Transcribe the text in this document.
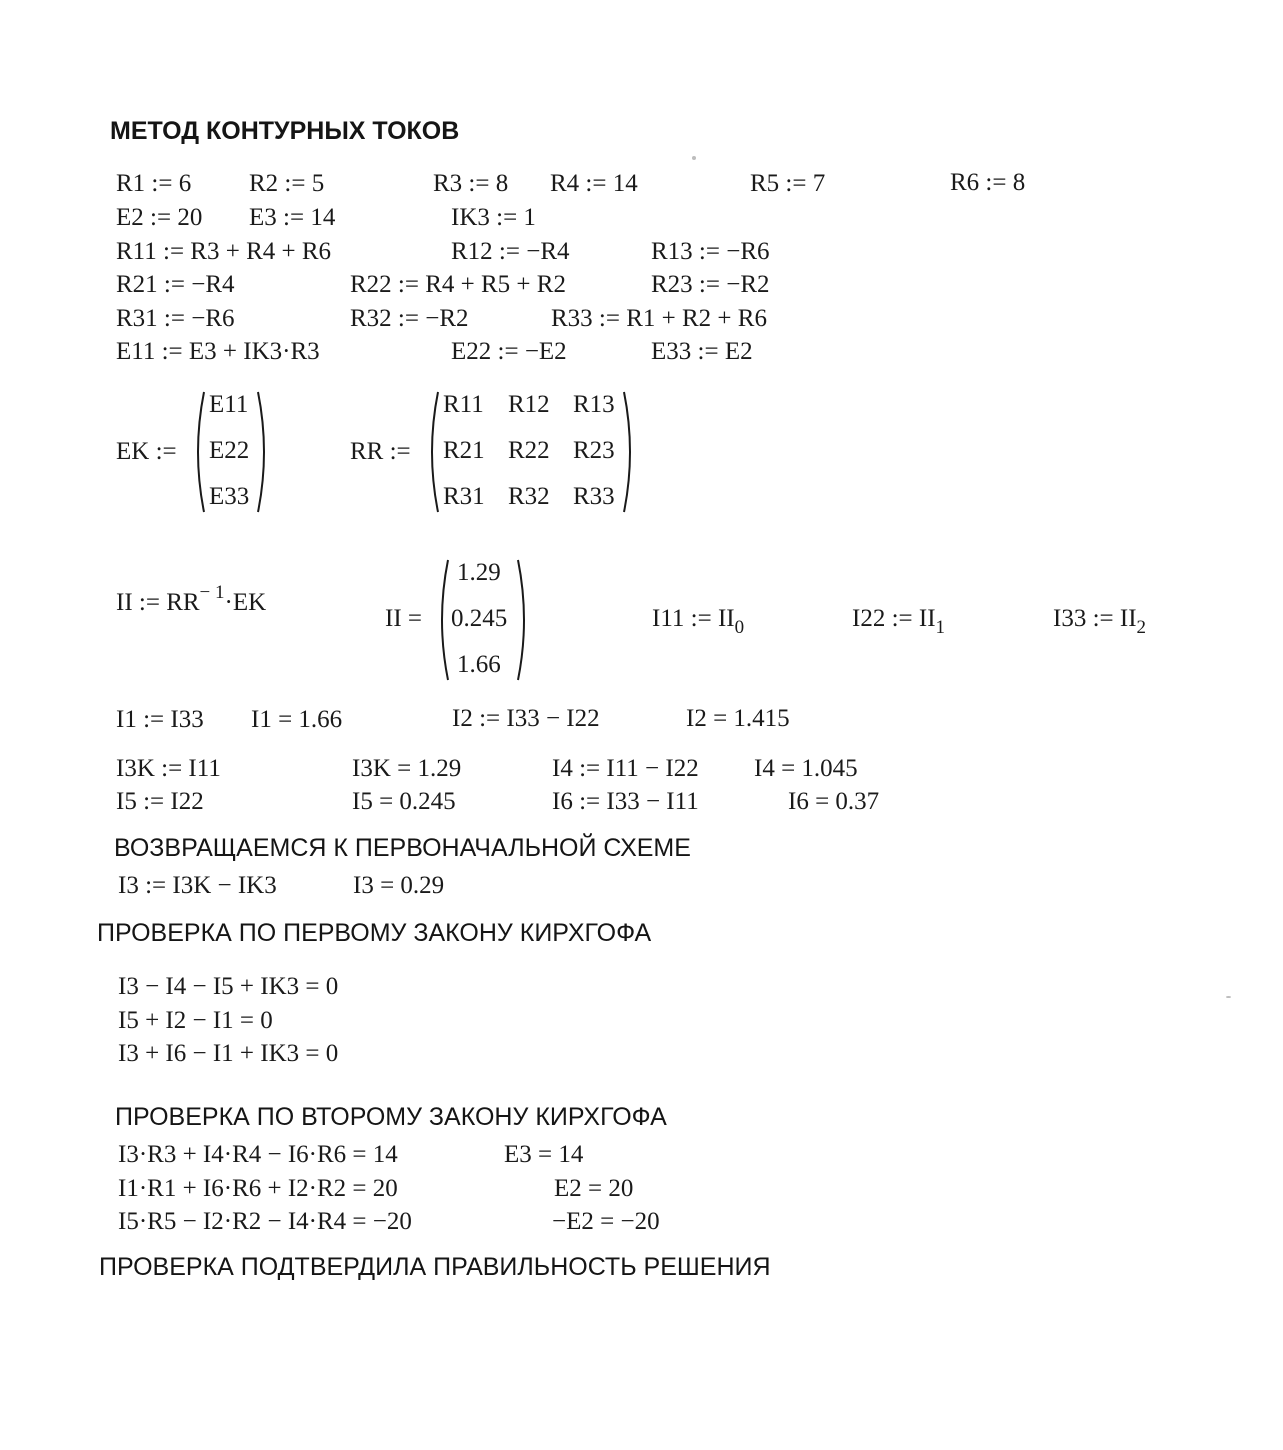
МЕТОД КОНТУРНЫХ ТОКОВ
R1 := 6 R2 := 5	R3 := 8 R4 := 14	R5 := 7	R6 := 8
E2 := 20 E3 := 14	IK3 := 1
R11 := R3 + R4 + R6	R12 := −R4	R13 := −R6
R21 := −R4	R22 := R4 + R5 + R2	R23 := −R2
R31 := −R6	R32 := −R2	R33 := R1 + R2 + R6
E11 := E3 + IK3·R3	E22 := −E2	E33 := E2
EK :=
E11
E22
E33
RR :=
R11 R12 R13
R21 R22 R23
R31 R32 R33
II := $RR^{- 1}\cdot EK$
II =
1.29
0.245
1.66
I11 := $II_0$	I22 := $II_1$	I33 := $II_2$
I1 := I33 I1 = 1.66	I2 := I33 − I22	I2 = 1.415
I3K := I11	I3K = 1.29	I4 := I11 − I22 I4 = 1.045
I5 := I22	I5 = 0.245	I6 := I33 − I11	I6 = 0.37
ВОЗВРАЩАЕМСЯ К ПЕРВОНАЧАЛЬНОЙ СХЕМЕ
I3 := I3K − IK3	I3 = 0.29
ПРОВЕРКА ПО ПЕРВОМУ ЗАКОНУ КИРХГОФА
I3 − I4 − I5 + IK3 = 0
I5 + I2 − I1 = 0
I3 + I6 − I1 + IK3 = 0
ПРОВЕРКА ПО ВТОРОМУ ЗАКОНУ КИРХГОФА
I3·R3 + I4·R4 − I6·R6 = 14	E3 = 14
I1·R1 + I6·R6 + I2·R2 = 20	E2 = 20
I5·R5 − I2·R2 − I4·R4 = −20	−E2 = −20
ПРОВЕРКА ПОДТВЕРДИЛА ПРАВИЛЬНОСТЬ РЕШЕНИЯ
